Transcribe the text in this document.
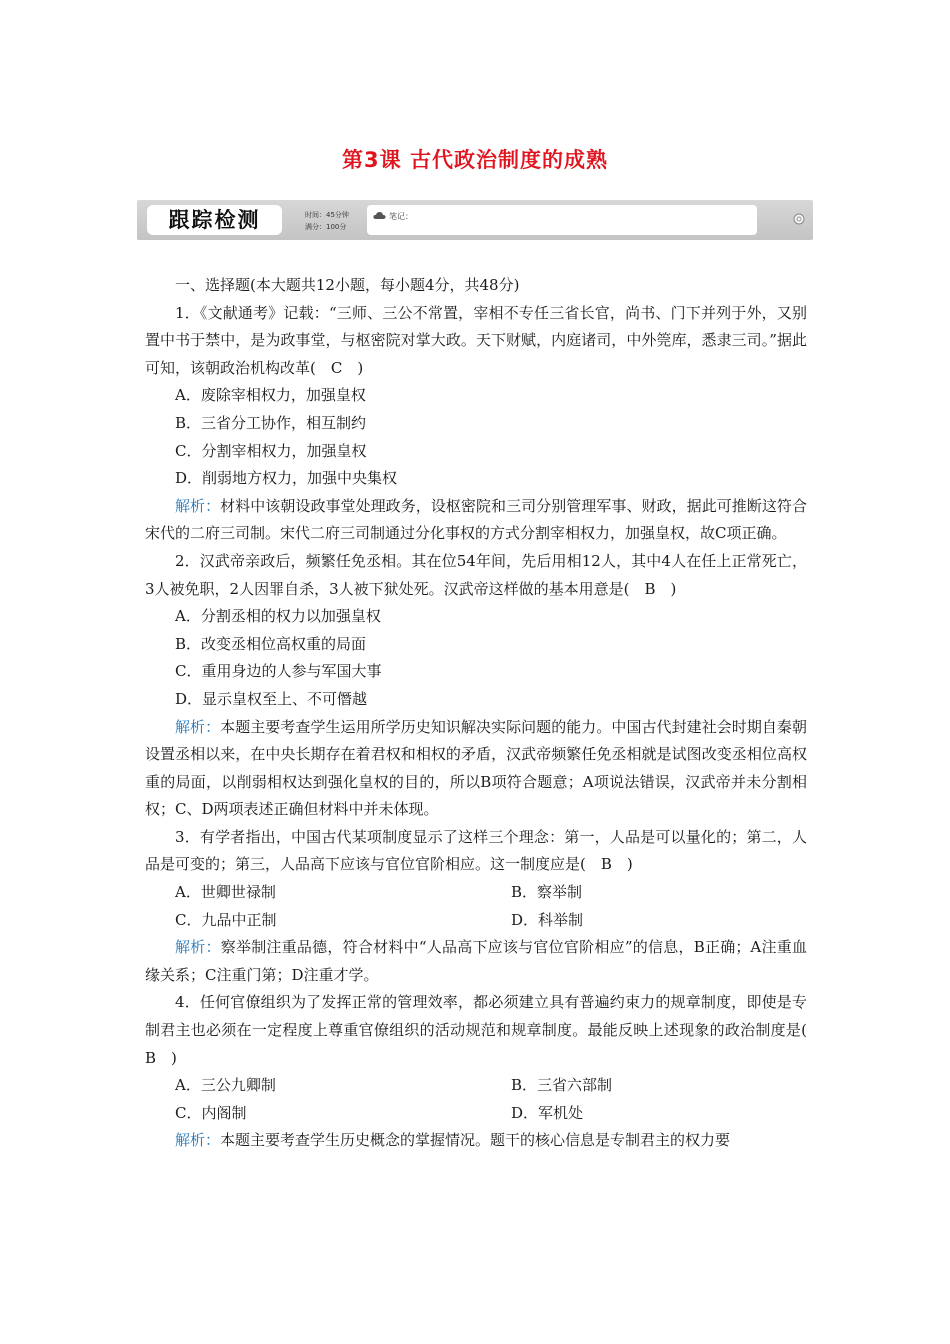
第3课 古代政治制度的成熟
跟踪检测	时间：45分钟
满分：100分
笔记：

一、选择题(本大题共12小题，每小题4分，共48分)

1．《文献通考》记载：“三师、三公不常置，宰相不专任三省长官，尚书、门下并列于外，又别置中书于禁中，是为政事堂，与枢密院对掌大政。天下财赋，内庭诸司，中外筦库，悉隶三司。”据此可知，该朝政治机构改革(　C　)

A．废除宰相权力，加强皇权

B．三省分工协作，相互制约

C．分割宰相权力，加强皇权

D．削弱地方权力，加强中央集权

解析：材料中该朝设政事堂处理政务，设枢密院和三司分别管理军事、财政，据此可推断这符合宋代的二府三司制。宋代二府三司制通过分化事权的方式分割宰相权力，加强皇权，故C项正确。

2．汉武帝亲政后，频繁任免丞相。其在位54年间，先后用相12人，其中4人在任上正常死亡，3人被免职，2人因罪自杀，3人被下狱处死。汉武帝这样做的基本用意是(　B　)

A．分割丞相的权力以加强皇权

B．改变丞相位高权重的局面

C．重用身边的人参与军国大事

D．显示皇权至上、不可僭越

解析：本题主要考查学生运用所学历史知识解决实际问题的能力。中国古代封建社会时期自秦朝设置丞相以来，在中央长期存在着君权和相权的矛盾，汉武帝频繁任免丞相就是试图改变丞相位高权重的局面，以削弱相权达到强化皇权的目的，所以B项符合题意；A项说法错误，汉武帝并未分割相权；C、D两项表述正确但材料中并未体现。

3．有学者指出，中国古代某项制度显示了这样三个理念：第一，人品是可以量化的；第二，人品是可变的；第三，人品高下应该与官位官阶相应。这一制度应是(　B　)

A．世卿世禄制	B．察举制
C．九品中正制	D．科举制

解析：察举制注重品德，符合材料中“人品高下应该与官位官阶相应”的信息，B正确；A注重血缘关系；C注重门第；D注重才学。

4．任何官僚组织为了发挥正常的管理效率，都必须建立具有普遍约束力的规章制度，即使是专制君主也必须在一定程度上尊重官僚组织的活动规范和规章制度。最能反映上述现象的政治制度是(　B　)

A．三公九卿制	B．三省六部制
C．内阁制	D．军机处

解析：本题主要考查学生历史概念的掌握情况。题干的核心信息是专制君主的权力要
